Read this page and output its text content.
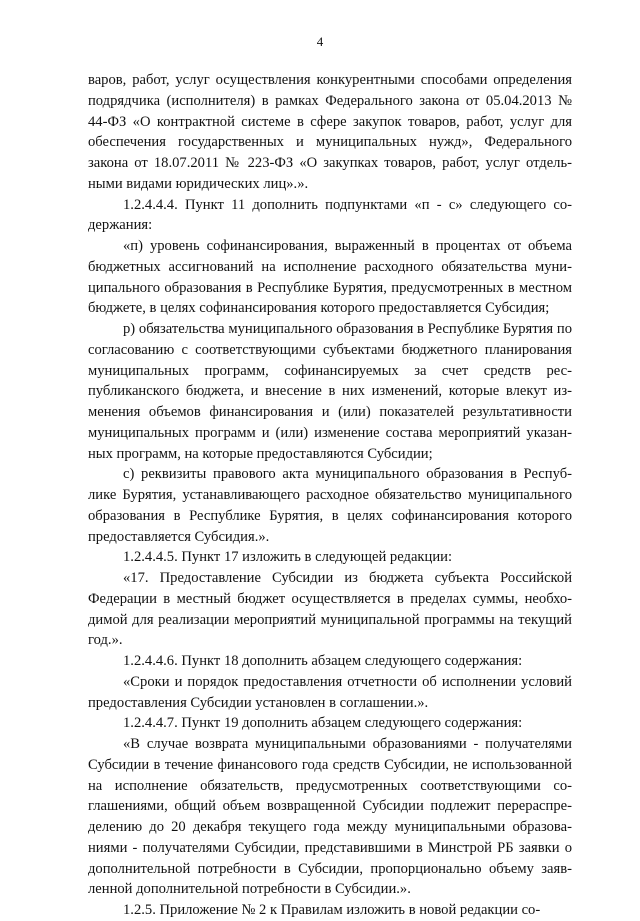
4

варов, работ, услуг осуществления конкурентными способами определения подрядчика (исполнителя) в рамках Федерального закона от 05.04.2013 № 44-ФЗ «О контрактной системе в сфере закупок товаров, работ, услуг для обеспечения государственных и муниципальных нужд», Федерального закона от 18.07.2011 № 223-ФЗ «О закупках товаров, работ, услуг отдельными видами юридических лиц».».

1.2.4.4.4. Пункт 11 дополнить подпунктами «п - с» следующего содержания:

«п) уровень софинансирования, выраженный в процентах от объема бюджетных ассигнований на исполнение расходного обязательства муниципального образования в Республике Бурятия, предусмотренных в местном бюджете, в целях софинансирования которого предоставляется Субсидия;

р) обязательства муниципального образования в Республике Бурятия по согласованию с соответствующими субъектами бюджетного планирования муниципальных программ, софинансируемых за счет средств республиканского бюджета, и внесение в них изменений, которые влекут изменения объемов финансирования и (или) показателей результативности муниципальных программ и (или) изменение состава мероприятий указанных программ, на которые предоставляются Субсидии;

с) реквизиты правового акта муниципального образования в Республике Бурятия, устанавливающего расходное обязательство муниципального образования в Республике Бурятия, в целях софинансирования которого предоставляется Субсидия.».

1.2.4.4.5. Пункт 17 изложить в следующей редакции:

«17. Предоставление Субсидии из бюджета субъекта Российской Федерации в местный бюджет осуществляется в пределах суммы, необходимой для реализации мероприятий муниципальной программы на текущий год.».

1.2.4.4.6. Пункт 18 дополнить абзацем следующего содержания:

«Сроки и порядок предоставления отчетности об исполнении условий предоставления Субсидии установлен в соглашении.».

1.2.4.4.7. Пункт 19 дополнить абзацем следующего содержания:

«В случае возврата муниципальными образованиями - получателями Субсидии в течение финансового года средств Субсидии, не использованной на исполнение обязательств, предусмотренных соответствующими соглашениями, общий объем возвращенной Субсидии подлежит перераспределению до 20 декабря текущего года между муниципальными образованиями - получателями Субсидии, представившими в Минстрой РБ заявки о дополнительной потребности в Субсидии, пропорционально объему заявленной дополнительной потребности в Субсидии.».

1.2.5. Приложение № 2 к Правилам изложить в новой редакции со-
